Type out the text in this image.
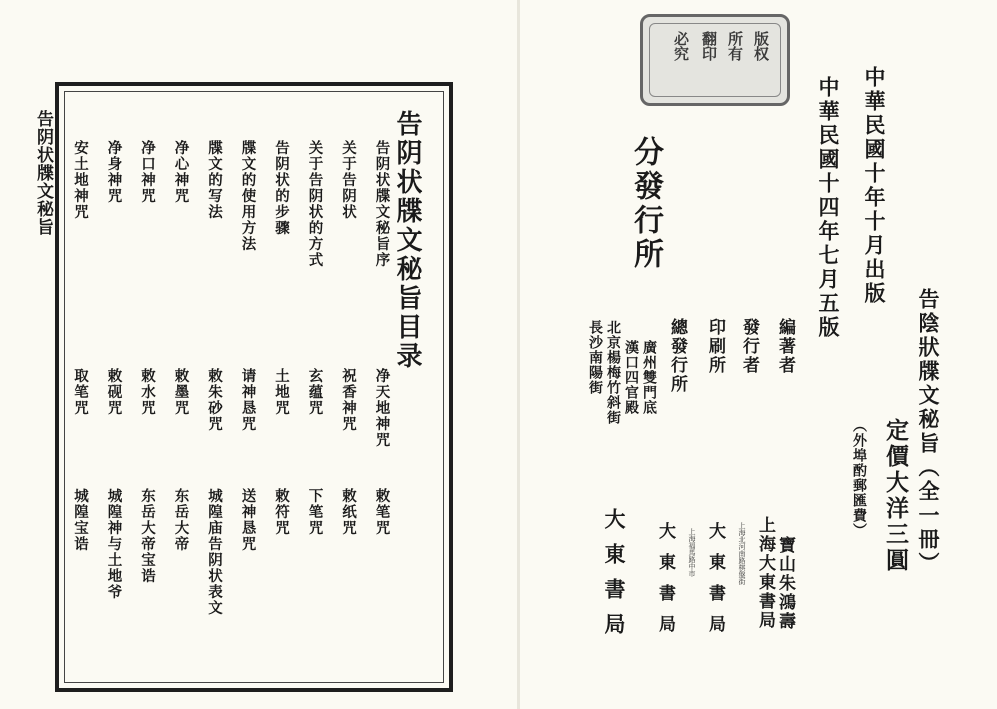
告阴状牒文秘旨	告阴状牒文秘旨目录
告阴状牒文秘旨序
净天地神咒
敕笔咒
关于告阴状
祝香神咒
敕纸咒
关于告阴状的方式
玄蕴咒
下笔咒
告阴状的步骤
土地咒
敕符咒
牒文的使用方法
请神恳咒
送神恳咒
牒文的写法
敕朱砂咒
城隍庙告阴状表文
净心神咒
敕墨咒
东岳大帝
净口神咒
敕水咒
东岳大帝宝诰
净身神咒
敕砚咒
城隍神与土地爷
安土地神咒
取笔咒
城隍宝诰
版权
所有
翻印
必究
中華民國十年十月出版
中華民國十四年七月五版
告陰狀牒文秘旨（全一冊）
定價大洋三圓
（外埠酌郵匯費）
編著者
寶山朱鴻壽
發行者
上海大東書局
上海北河南路棋盤街
印刷所
大東書局
上海福馬路中市
總發行所
大東書局
分發行所
廣州雙門底
漢口四官殿
北京楊梅竹斜街
長沙南陽街
大東書局
